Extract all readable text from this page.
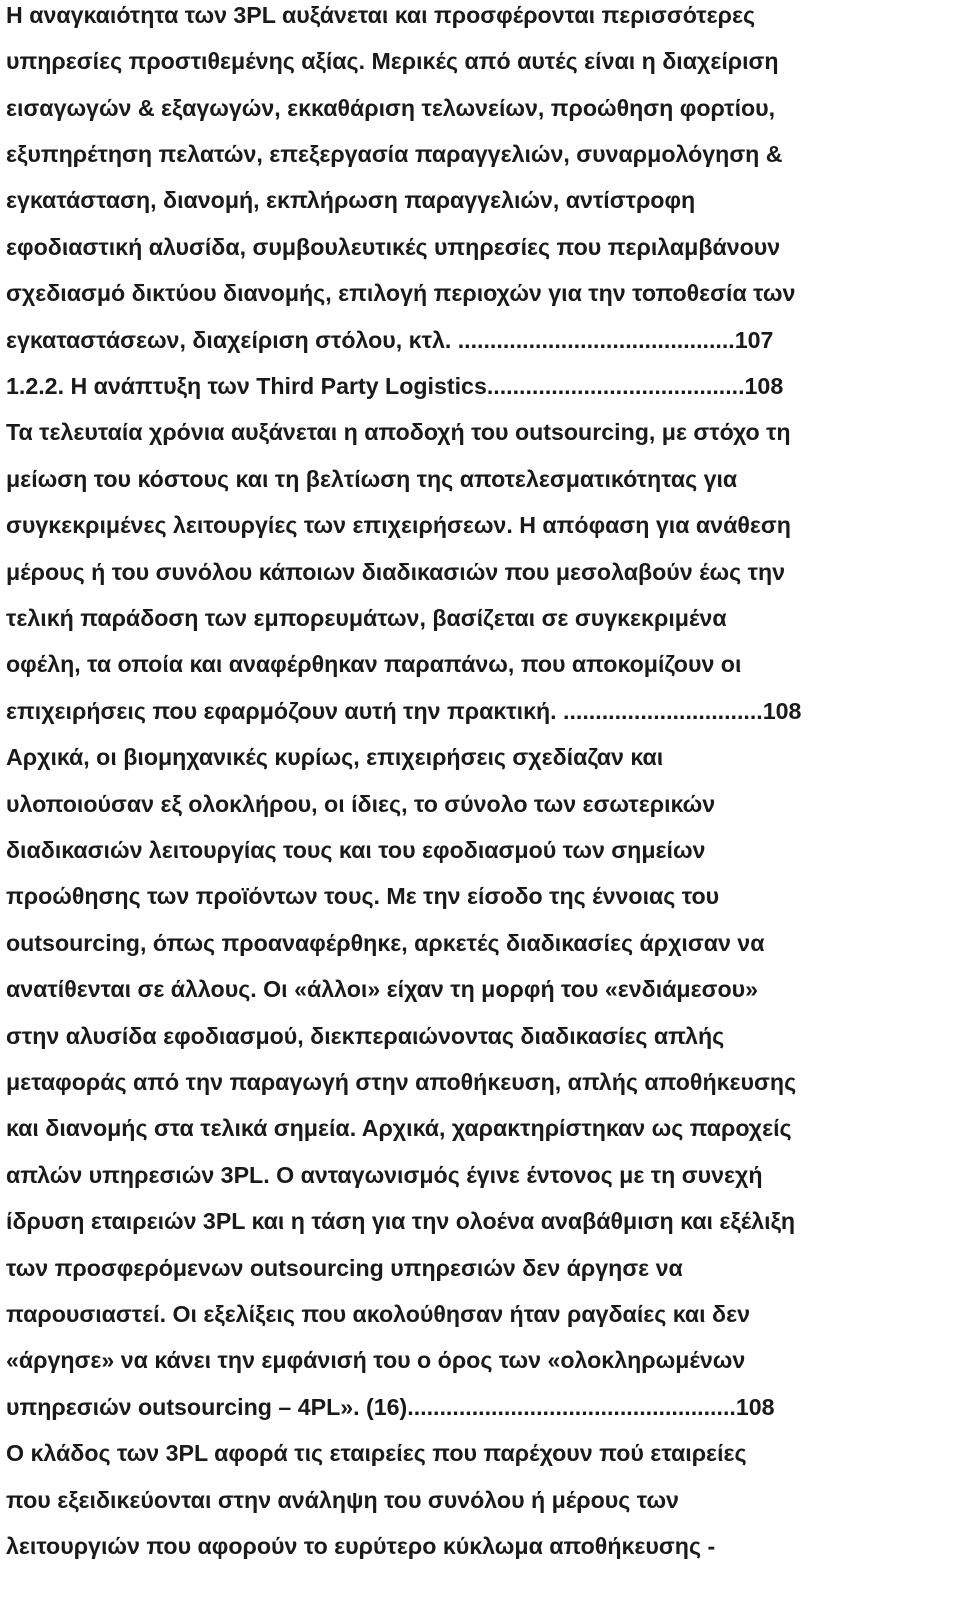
Η αναγκαιότητα των 3PL αυξάνεται και προσφέρονται περισσότερες
υπηρεσίες προστιθεμένης αξίας. Μερικές από αυτές είναι η διαχείριση
εισαγωγών & εξαγωγών, εκκαθάριση τελωνείων, προώθηση φορτίου,
εξυπηρέτηση πελατών, επεξεργασία παραγγελιών, συναρμολόγηση &
εγκατάσταση, διανομή, εκπλήρωση παραγγελιών, αντίστροφη
εφοδιαστική αλυσίδα, συμβουλευτικές υπηρεσίες που περιλαμβάνουν
σχεδιασμό δικτύου διανομής, επιλογή περιοχών για την τοποθεσία των
εγκαταστάσεων, διαχείριση στόλου, κτλ. ...........................................107
1.2.2. Η ανάπτυξη των Third Party Logistics........................................108
Τα τελευταία χρόνια αυξάνεται η αποδοχή του outsourcing, με στόχο τη
μείωση του κόστους και τη βελτίωση της αποτελεσματικότητας για
συγκεκριμένες λειτουργίες των επιχειρήσεων. Η απόφαση για ανάθεση
μέρους ή του συνόλου κάποιων διαδικασιών που μεσολαβούν έως την
τελική παράδοση των εμπορευμάτων, βασίζεται σε συγκεκριμένα
οφέλη, τα οποία και αναφέρθηκαν παραπάνω, που αποκομίζουν οι
επιχειρήσεις που εφαρμόζουν αυτή την πρακτική. ...............................108
Αρχικά, οι βιομηχανικές κυρίως, επιχειρήσεις σχεδίαζαν και
υλοποιούσαν εξ ολοκλήρου, οι ίδιες, το σύνολο των εσωτερικών
διαδικασιών λειτουργίας τους και του εφοδιασμού των σημείων
προώθησης των προϊόντων τους. Με την είσοδο της έννοιας του
outsourcing, όπως προαναφέρθηκε, αρκετές διαδικασίες άρχισαν να
ανατίθενται σε άλλους. Οι «άλλοι» είχαν τη μορφή του «ενδιάμεσου»
στην αλυσίδα εφοδιασμού, διεκπεραιώνοντας διαδικασίες απλής
μεταφοράς από την παραγωγή στην αποθήκευση, απλής αποθήκευσης
και διανομής στα τελικά σημεία. Αρχικά, χαρακτηρίστηκαν ως παροχείς
απλών υπηρεσιών 3PL. Ο ανταγωνισμός έγινε έντονος με τη συνεχή
ίδρυση εταιρειών 3PL και η τάση για την ολοένα αναβάθμιση και εξέλιξη
των προσφερόμενων outsourcing υπηρεσιών δεν άργησε να
παρουσιαστεί. Οι εξελίξεις που ακολούθησαν ήταν ραγδαίες και δεν
«άργησε» να κάνει την εμφάνισή του ο όρος των «ολοκληρωμένων
υπηρεσιών outsourcing – 4PL». (16)...................................................108
Ο κλάδος των 3PL αφορά τις εταιρείες που παρέχουν πού εταιρείες
που εξειδικεύονται στην ανάληψη του συνόλου ή μέρους των
λειτουργιών που αφορούν το ευρύτερο κύκλωμα αποθήκευσης -
